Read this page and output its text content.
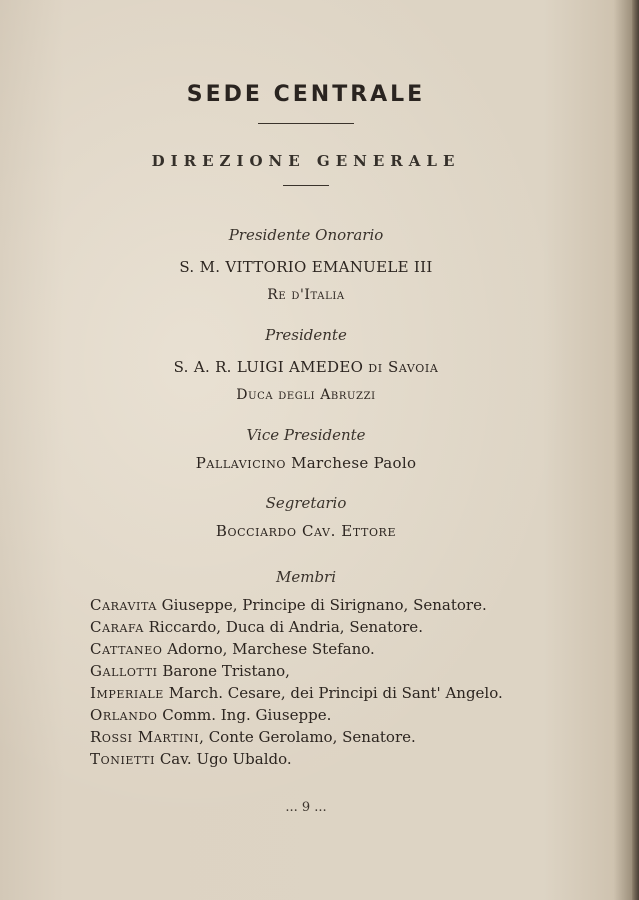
SEDE CENTRALE
DIREZIONE GENERALE
Presidente Onorario
S. M. VITTORIO EMANUELE III
Re d'Italia
Presidente
S. A. R. LUIGI AMEDEO di Savoia
Duca degli Abruzzi
Vice Presidente
Pallavicino Marchese Paolo
Segretario
Bocciardo Cav. Ettore
Membri
Caravita Giuseppe, Principe di Sirignano, Senatore.
Carafa Riccardo, Duca di Andria, Senatore.
Cattaneo Adorno, Marchese Stefano.
Gallotti Barone Tristano,
Imperiale March. Cesare, dei Principi di Sant' Angelo.
Orlando Comm. Ing. Giuseppe.
Rossi Martini, Conte Gerolamo, Senatore.
Tonietti Cav. Ugo Ubaldo.
... 9 ...
